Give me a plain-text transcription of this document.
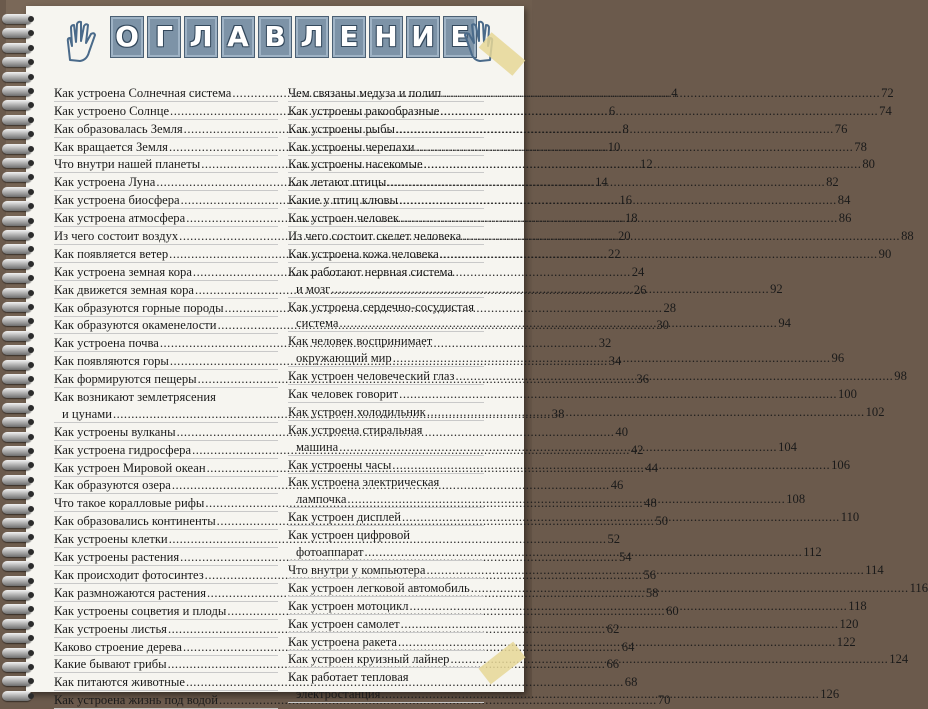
О Г Л А В Л Е Н И Е
Как устроена Солнечная система .....	4
Как устроено Солнце .....	6
Как образовалась Земля .....	8
Как вращается Земля .....	10
Что внутри нашей планеты .....	12
Как устроена Луна .....	14
Как устроена биосфера .....	16
Как устроена атмосфера .....	18
Из чего состоит воздух .....	20
Как появляется ветер .....	22
Как устроена земная кора .....	24
Как движется земная кора .....	26
Как образуются горные породы .....	28
Как образуются окаменелости .....	30
Как устроена почва .....	32
Как появляются горы .....	34
Как формируются пещеры .....	36
Как возникают землетрясения
и цунами .....	38
Как устроены вулканы .....	40
Как устроена гидросфера .....	42
Как устроен Мировой океан .....	44
Как образуются озера .....	46
Что такое коралловые рифы .....	48
Как образовались континенты .....	50
Как устроены клетки .....	52
Как устроены растения .....	54
Как происходит фотосинтез .....	56
Как размножаются растения .....	58
Как устроены соцветия и плоды .....	60
Как устроены листья .....	62
Каково строение дерева .....	64
Какие бывают грибы .....	66
Как питаются животные .....	68
Как устроена жизнь под водой .....	70
Чем связаны медуза и полип .....	72
Как устроены ракообразные .....	74
Как устроены рыбы .....	76
Как устроены черепахи .....	78
Как устроены насекомые .....	80
Как летают птицы .....	82
Какие у птиц клювы .....	84
Как устроен человек .....	86
Из чего состоит скелет человека .....	88
Как устроена кожа человека .....	90
Как работают нервная система
и мозг .....	92
Как устроена сердечно-сосудистая
система .....	94
Как человек воспринимает
окружающий мир .....	96
Как устроен человеческий глаз .....	98
Как человек говорит .....	100
Как устроен холодильник .....	102
Как устроена стиральная
машина .....	104
Как устроены часы .....	106
Как устроена электрическая
лампочка .....	108
Как устроен дисплей .....	110
Как устроен цифровой
фотоаппарат .....	112
Что внутри у компьютера .....	114
Как устроен легковой автомобиль .....	116
Как устроен мотоцикл .....	118
Как устроен самолет .....	120
Как устроена ракета .....	122
Как устроен круизный лайнер .....	124
Как работает тепловая
электростанция .....	126
